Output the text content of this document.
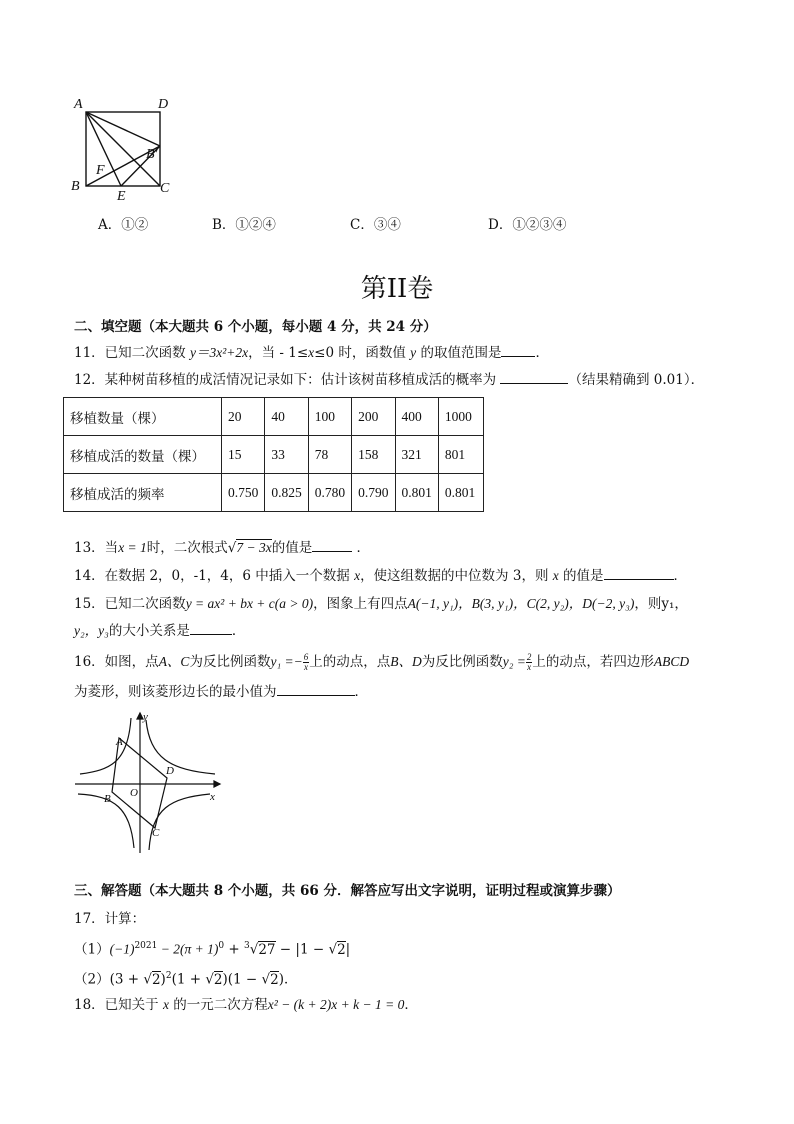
A	D
B′
F
B
E
C
A．①②	B．①②④	C．③④	D．①②③④
第II卷
二、填空题（本大题共 6 个小题，每小题 4 分，共 24 分）
11．已知二次函数 y＝3x²+2x，当 - 1≤x≤0 时，函数值 y 的取值范围是	．
12．某种树苗移植的成活情况记录如下：估计该树苗移植成活的概率为	（结果精确到 0.01）．
移植数量（棵）	20	40	100	200	400	1000
移植成活的数量（棵）	15	33	78	158	321	801
移植成活的频率	0.750	0.825	0.780	0.790	0.801	0.801
13．当x = 1时，二次根式√7 − 3x的值是	．
14．在数据 2，0，-1，4，6 中插入一个数据 x，使这组数据的中位数为 3，则 x 的值是	．
15．已知二次函数y = ax² + bx + c(a > 0)，图象上有四点A(−1, y₁)，B(3, y₁)，C(2, y₂)，D(−2, y₃)，则y₁，
y₂，y₃的大小关系是	．
16．如图，点A、C为反比例函数$y_1 =- \frac{6}{x}$ 上的动点，点B、D为反比例函数$y_2 = \frac{2}{x}$ 上的动点，若四边形ABCD
为菱形，则该菱形边长的最小值为	．
y
A
D
B O	x
C
三、解答题（本大题共 8 个小题，共 66 分．解答应写出文字说明，证明过程或演算步骤）
17．计算：
$(1)(-1)^{2021} - 2(\pi + 1)^0 + ^3√27 - |1 - √2|$
$(2)(3 + √2)^2(1 + √2)(1 - √2)$．
18．已知关于 x 的一元二次方程x² − (k + 2)x + k − 1 = 0．
